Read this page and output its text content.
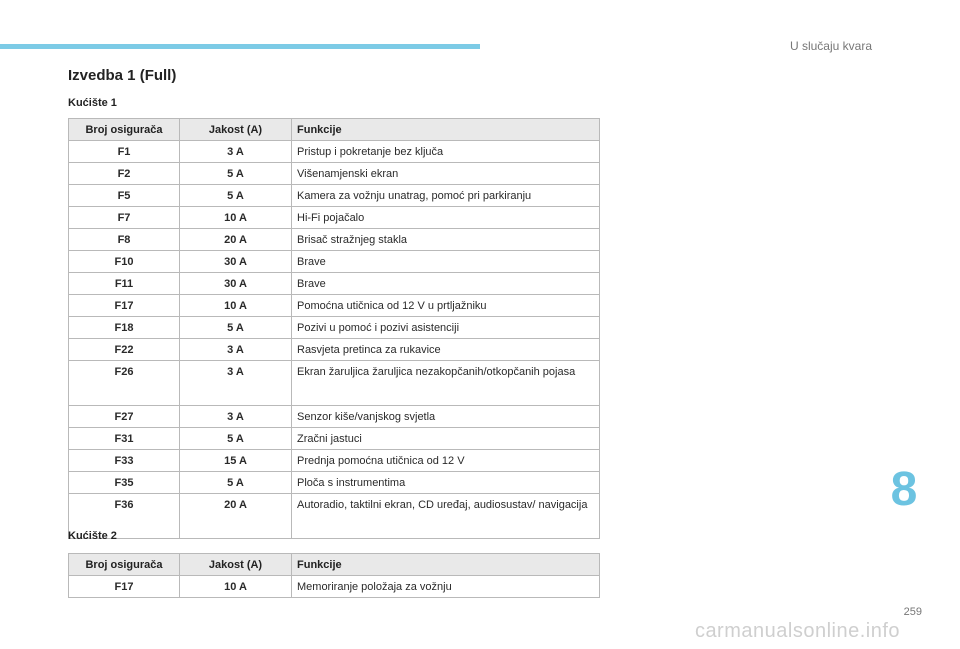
U slučaju kvara
Izvedba 1 (Full)
Kućište 1
Broj osigurača	Jakost (A)	Funkcije
F1	3 A	Pristup i pokretanje bez ključa
F2	5 A	Višenamjenski ekran
F5	5 A	Kamera za vožnju unatrag, pomoć pri parkiranju
F7	10 A	Hi-Fi pojačalo
F8	20 A	Brisač stražnjeg stakla
F10	30 A	Brave
F11	30 A	Brave
F17	10 A	Pomoćna utičnica od 12 V u prtljažniku
F18	5 A	Pozivi u pomoć i pozivi asistenciji
F22	3 A	Rasvjeta pretinca za rukavice
F26	3 A	Ekran žaruljica žaruljica nezakopčanih/otkopčanih pojasa
F27	3 A	Senzor kiše/vanjskog svjetla
F31	5 A	Zračni jastuci
F33	15 A	Prednja pomoćna utičnica od 12 V
F35	5 A	Ploča s instrumentima
F36	20 A	Autoradio, taktilni ekran, CD uređaj, audiosustav/ navigacija
Kućište 2
Broj osigurača	Jakost (A)	Funkcije
F17	10 A	Memoriranje položaja za vožnju
8
259
carmanualsonline.info
